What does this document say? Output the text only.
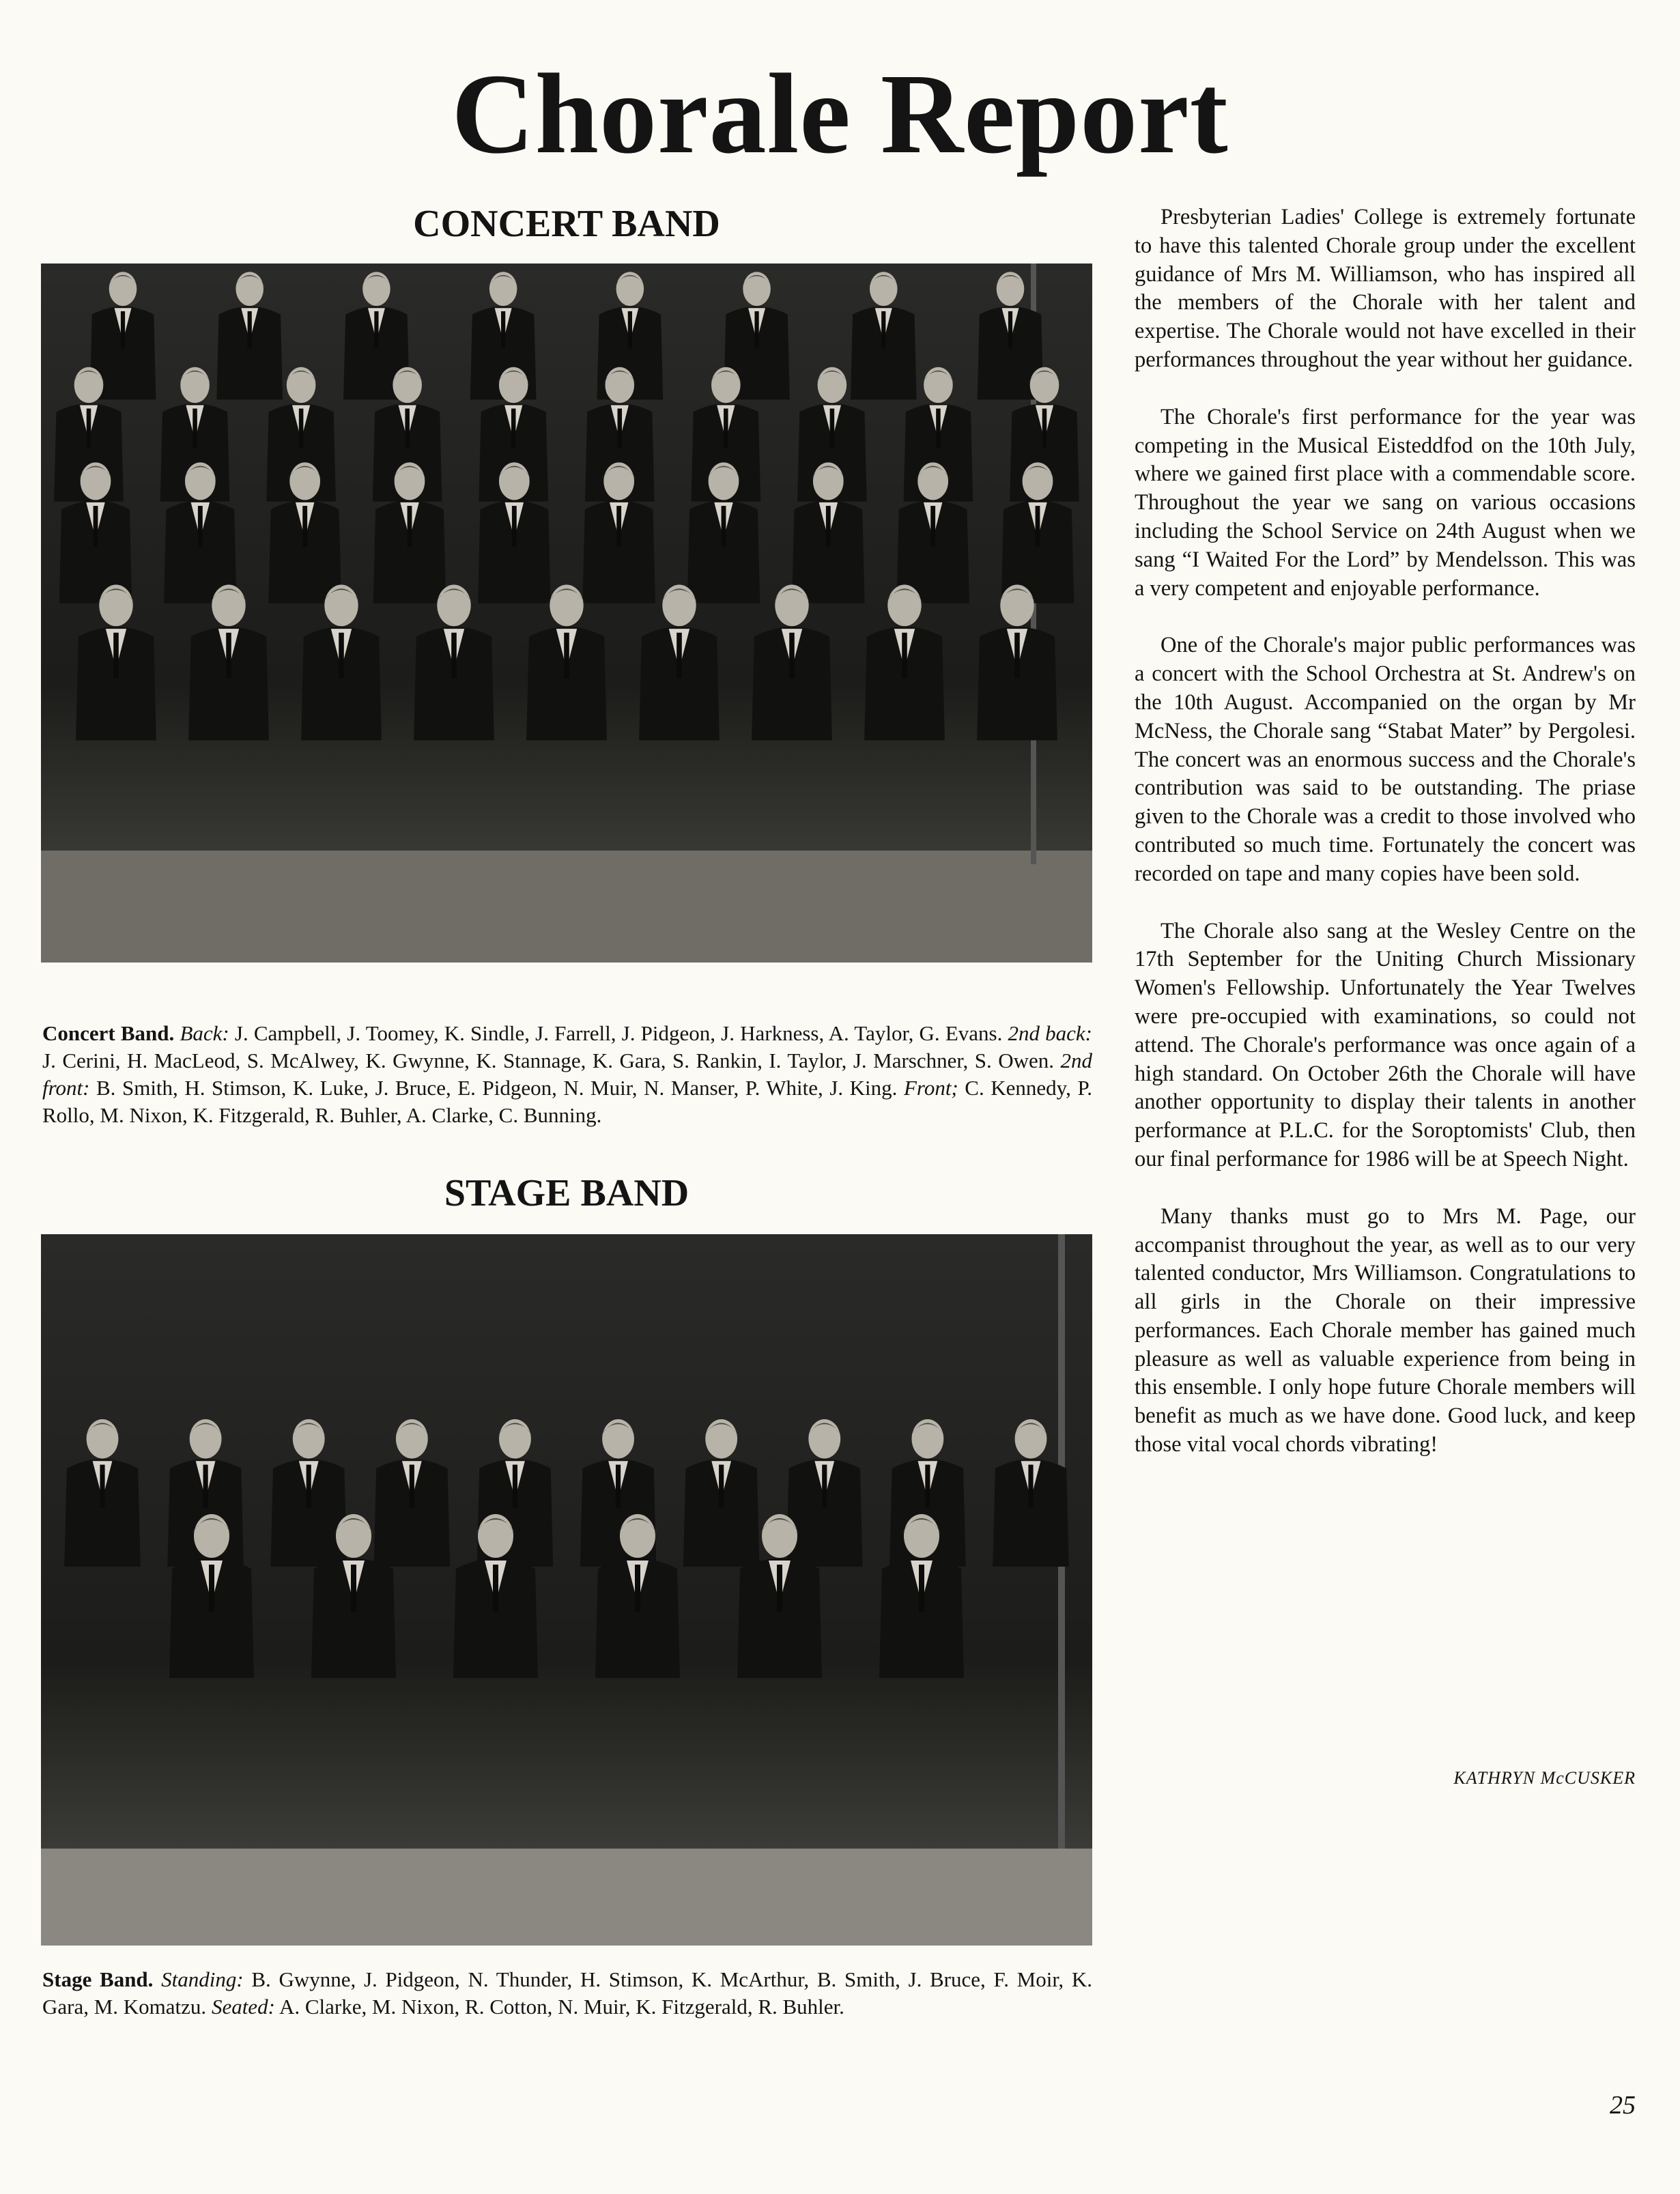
Chorale Report
CONCERT BAND
Concert Band. Back: J. Campbell, J. Toomey, K. Sindle, J. Farrell, J. Pidgeon, J. Harkness, A. Taylor, G. Evans. 2nd back: J. Cerini, H. MacLeod, S. McAlwey, K. Gwynne, K. Stannage, K. Gara, S. Rankin, I. Taylor, J. Marschner, S. Owen. 2nd front: B. Smith, H. Stimson, K. Luke, J. Bruce, E. Pidgeon, N. Muir, N. Manser, P. White, J. King. Front; C. Kennedy, P. Rollo, M. Nixon, K. Fitzgerald, R. Buhler, A. Clarke, C. Bunning.
STAGE BAND
Stage Band. Standing: B. Gwynne, J. Pidgeon, N. Thunder, H. Stimson, K. McArthur, B. Smith, J. Bruce, F. Moir, K. Gara, M. Komatzu. Seated: A. Clarke, M. Nixon, R. Cotton, N. Muir, K. Fitzgerald, R. Buhler.

Presbyterian Ladies' College is extremely fortunate to have this talented Chorale group under the excellent guidance of Mrs M. Williamson, who has inspired all the members of the Chorale with her talent and expertise. The Chorale would not have excelled in their performances throughout the year without her guidance.

The Chorale's first performance for the year was competing in the Musical Eisteddfod on the 10th July, where we gained first place with a commendable score. Throughout the year we sang on various occasions including the School Service on 24th August when we sang “I Waited For the Lord” by Mendelsson. This was a very competent and enjoyable performance.

One of the Chorale's major public performances was a concert with the School Orchestra at St. Andrew's on the 10th August. Accompanied on the organ by Mr McNess, the Chorale sang “Stabat Mater” by Pergolesi. The concert was an enormous success and the Chorale's contribution was said to be outstanding. The priase given to the Chorale was a credit to those involved who contributed so much time. Fortunately the concert was recorded on tape and many copies have been sold.

The Chorale also sang at the Wesley Centre on the 17th September for the Uniting Church Missionary Women's Fellowship. Unfortunately the Year Twelves were pre-occupied with examinations, so could not attend. The Chorale's performance was once again of a high standard. On October 26th the Chorale will have another opportunity to display their talents in another performance at P.L.C. for the Soroptomists' Club, then our final performance for 1986 will be at Speech Night.

Many thanks must go to Mrs M. Page, our accompanist throughout the year, as well as to our very talented conductor, Mrs Williamson. Congratulations to all girls in the Chorale on their impressive performances. Each Chorale member has gained much pleasure as well as valuable experience from being in this ensemble. I only hope future Chorale members will benefit as much as we have done. Good luck, and keep those vital vocal chords vibrating!

KATHRYN McCUSKER
25
